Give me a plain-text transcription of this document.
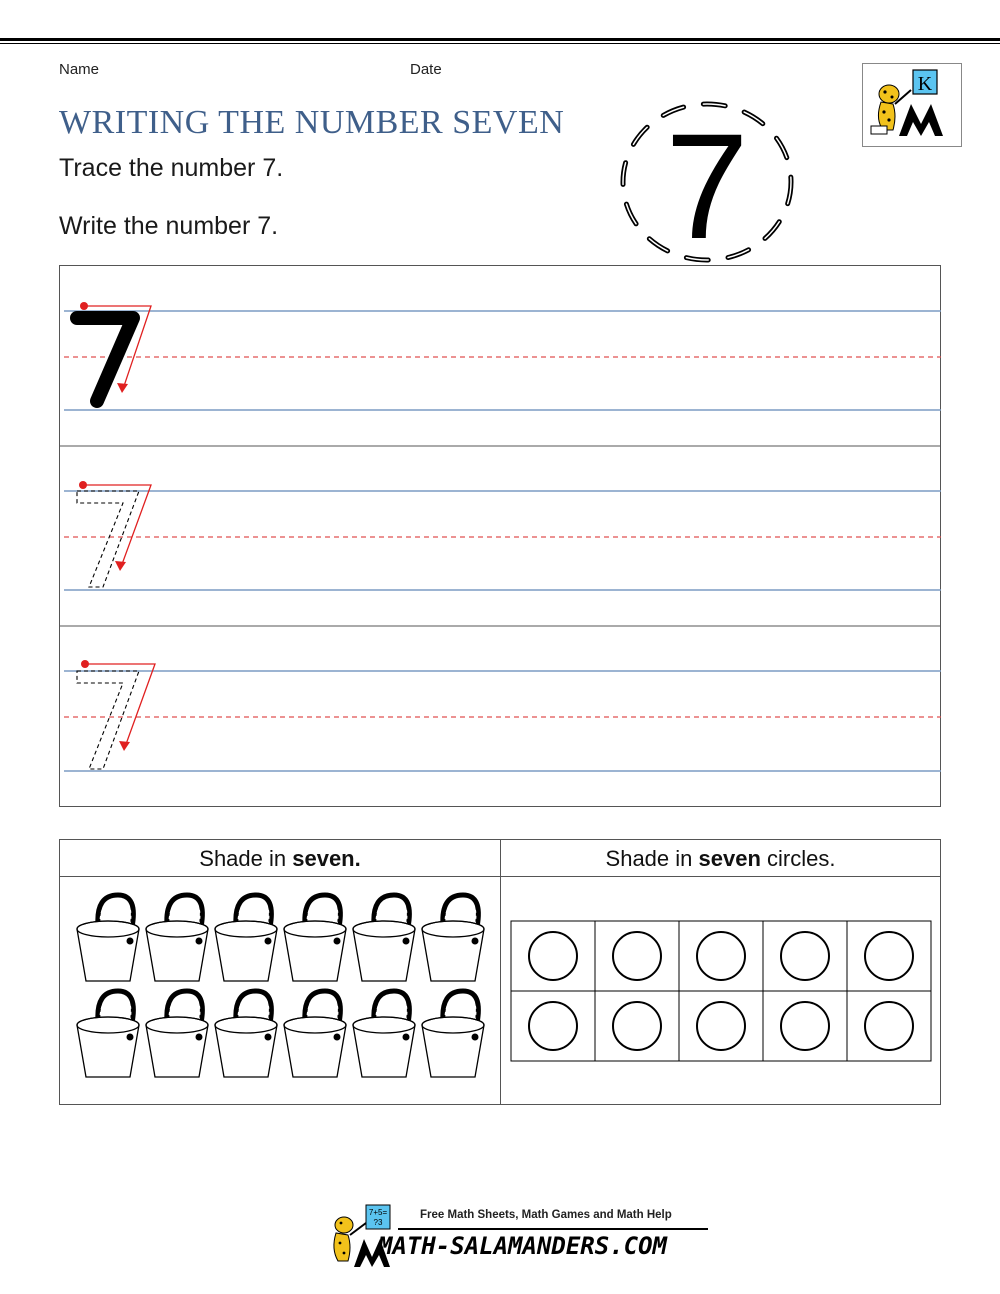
Name	Date
WRITING THE NUMBER SEVEN
Trace the number 7.
Write the number 7.	7
K
Shade in seven.	Shade in seven circles.
7+5=
?3
Free Math Sheets, Math Games and Math Help
MATH-SALAMANDERS.COM
